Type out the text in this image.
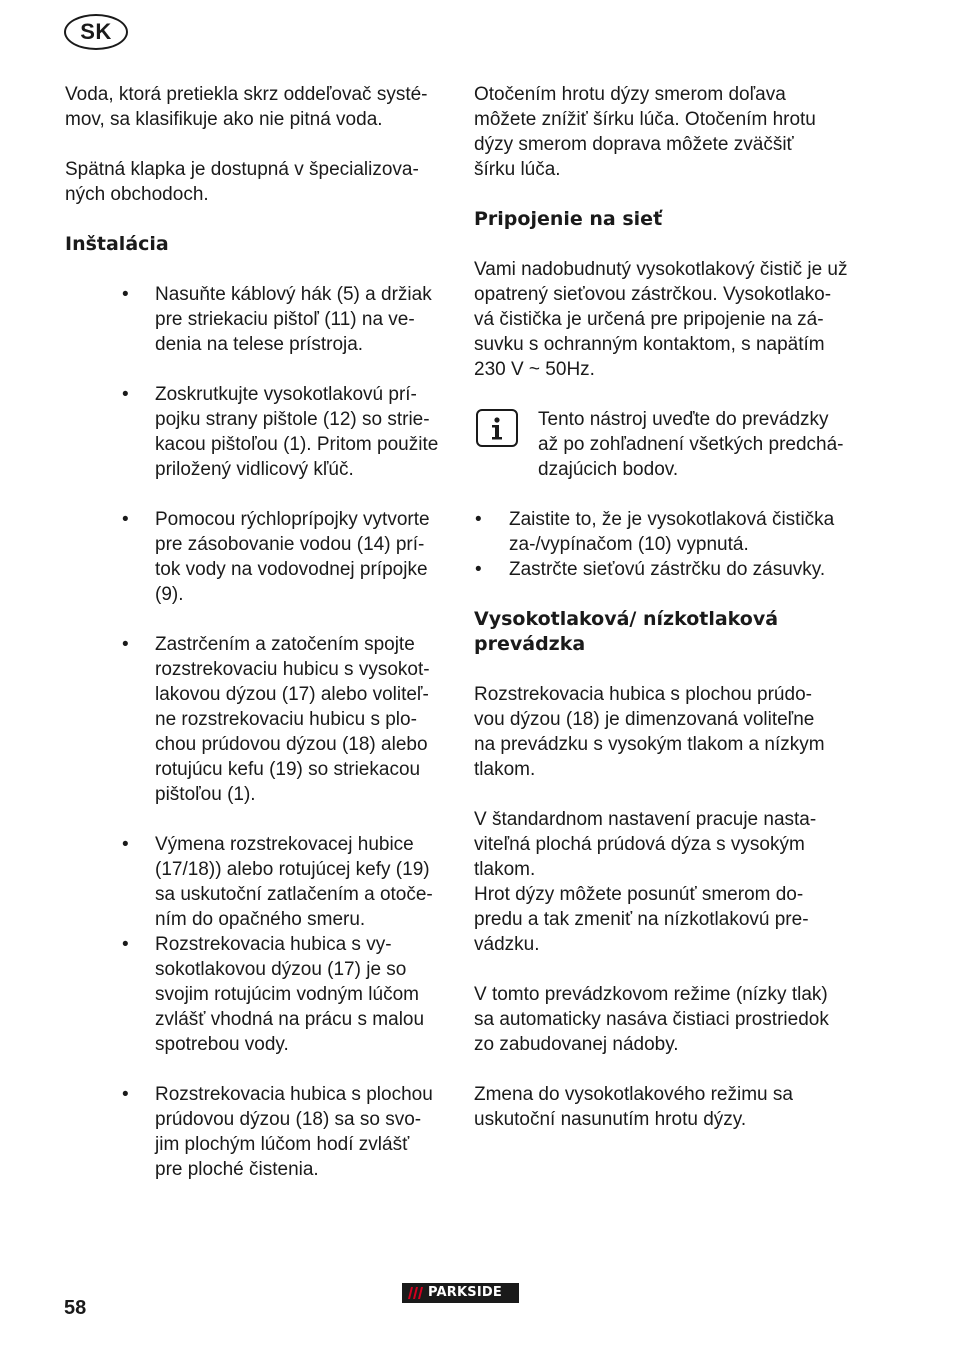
SK

Voda, ktorá pretiekla skrz oddeľovač systé-
mov, sa klasifikuje ako nie pitná voda.

Spätná klapka je dostupná v špecializova-
ných obchodoch.

Inštalácia
• Nasuňte káblový hák (5) a držiak
pre striekaciu pištoľ (11) na ve-
denia na telese prístroja.
• Zoskrutkujte vysokotlakovú prí-
pojku strany pištole (12) so strie-
kacou pištoľou (1). Pritom použite
priložený vidlicový kľúč.
• Pomocou rýchloprípojky vytvorte
pre zásobovanie vodou (14) prí-
tok vody na vodovodnej prípojke
(9).
• Zastrčením a zatočením spojte
rozstrekovaciu hubicu s vysokot-
lakovou dýzou (17) alebo voliteľ-
ne rozstrekovaciu hubicu s plo-
chou prúdovou dýzou (18) alebo
rotujúcu kefu (19) so striekacou
pištoľou (1).
• Výmena rozstrekovacej hubice
(17/18)) alebo rotujúcej kefy (19)
sa uskutoční zatlačením a otoče-
ním do opačného smeru.
• Rozstrekovacia hubica s vy-
sokotlakovou dýzou (17) je so
svojim rotujúcim vodným lúčom
zvlášť vhodná na prácu s malou
spotrebou vody.
• Rozstrekovacia hubica s plochou
prúdovou dýzou (18) sa so svo-
jim plochým lúčom hodí zvlášť
pre ploché čistenia.

Otočením hrotu dýzy smerom doľava
môžete znížiť šírku lúča. Otočením hrotu
dýzy smerom doprava môžete zväčšiť
šírku lúča.

Pripojenie na sieť

Vami nadobudnutý vysokotlakový čistič je už
opatrený sieťovou zástrčkou. Vysokotlako-
vá čistička je určená pre pripojenie na zá-
suvku s ochranným kontaktom, s napätím
230 V ~ 50Hz.

Tento nástroj uveďte do prevádzky
až po zohľadnení všetkých predchá-
dzajúcich bodov.
• Zaistite to, že je vysokotlaková čistička
za-/vypínačom (10) vypnutá.
• Zastrčte sieťovú zástrčku do zásuvky.
Vysokotlaková/ nízkotlaková
prevádzka

Rozstrekovacia hubica s plochou prúdo-
vou dýzou (18) je dimenzovaná voliteľne
na prevádzku s vysokým tlakom a nízkym
tlakom.

V štandardnom nastavení pracuje nasta-
viteľná plochá prúdová dýza s vysokým
tlakom.

Hrot dýzy môžete posunúť smerom do-
predu a tak zmeniť na nízkotlakovú pre-
vádzku.

V tomto prevádzkovom režime (nízky tlak)
sa automaticky nasáva čistiaci prostriedok
zo zabudovanej nádoby.

Zmena do vysokotlakového režimu sa
uskutoční nasunutím hrotu dýzy.

58
PARKSIDE
